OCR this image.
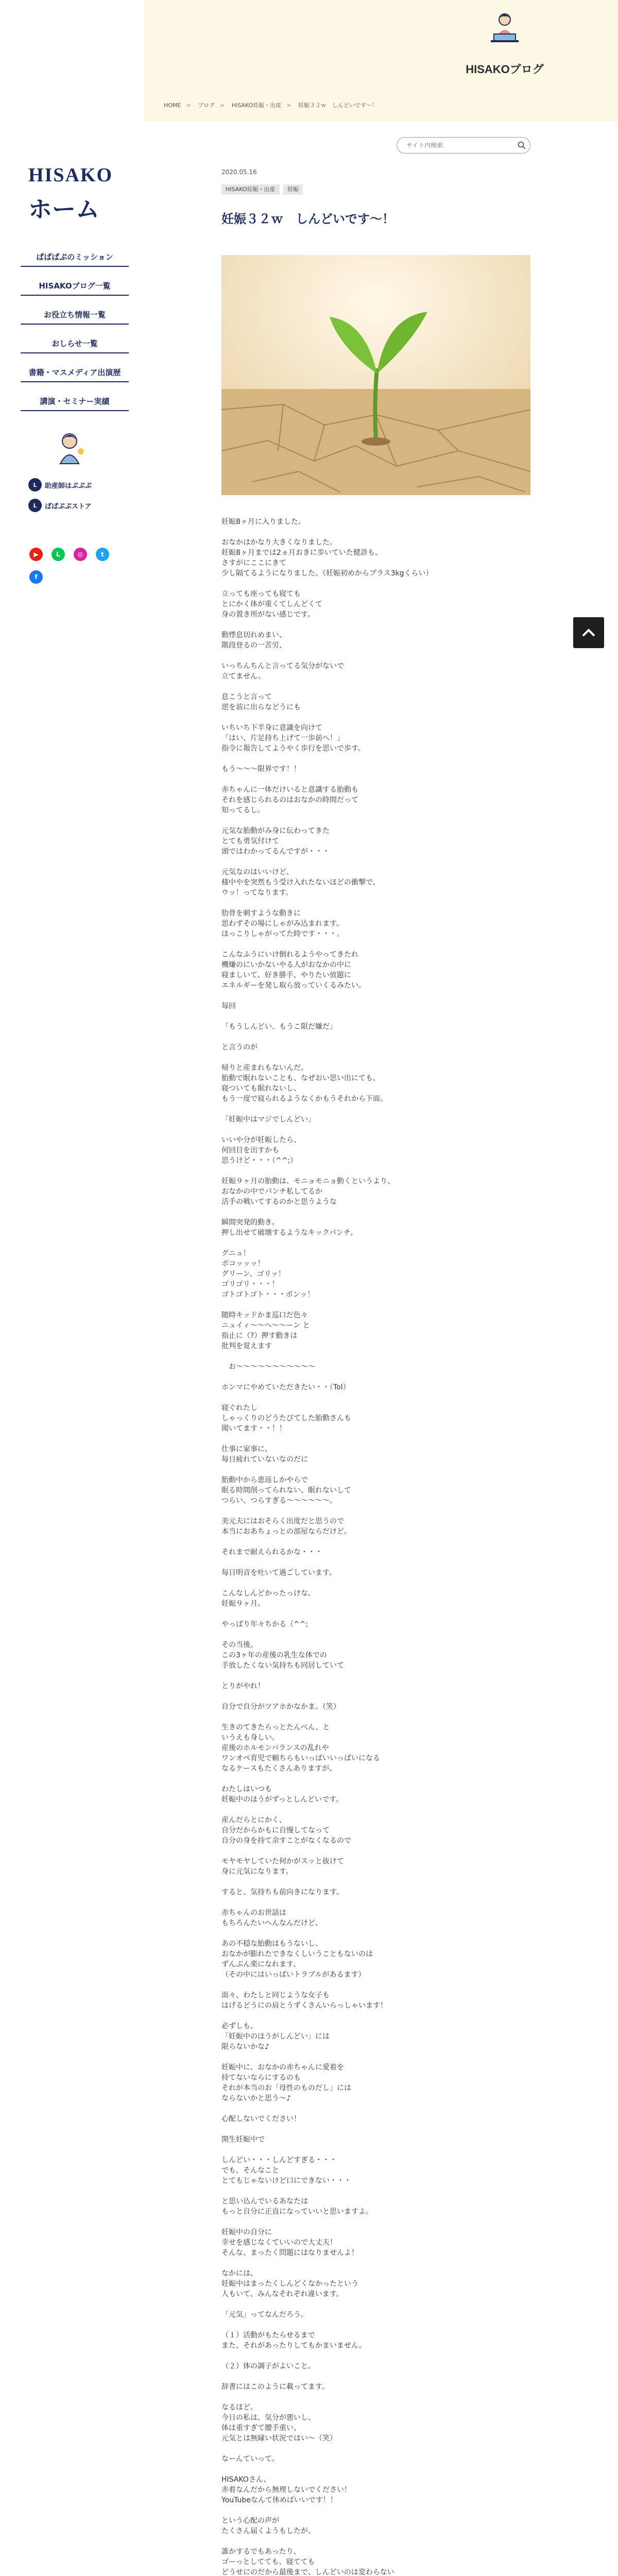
HISAKOブログ
HOME > ブログ > HISAKO妊娠・出産 > 妊娠３２ｗ　しんどいです〜！
HISAKO
ホーム
ぱぱぱぷのミッション
HISAKOブログ一覧
お役立ち情報一覧
おしらせ一覧
書籍・マスメディア出演歴
講演・セミナー実績
L	助産師はぷぷぷ
L	ぱぱぷぷストア
▶	L	◎	t
f
サイト内検索
2020.05.16
HISAKO妊娠・出産	妊娠
妊娠３２ｗ　しんどいです〜！
妊娠8ヶ月に入りました。

おなかはかなり大きくなりました。
妊娠8ヶ月までは2ヵ月おきに歩いていた健診も、
さすがにここにきて
少し隔てるようになりました。（妊娠初めからプラス3kgくらい）

立っても座っても寝ても
とにかく体が重くてしんどくて
身の置き所がない感じです。

動悸息切れめまい、
階段登るの一苦労、

いっちんちんと言ってる気分がないで
立てません。

息こうと言って
逆を前に出らなどうにも

いちいち下半身に意識を向けて
「はい、片足持ち上げて一歩前へ！」
指令に報告してようやく歩行を思いで歩す。

もう〜〜〜限界です！！

赤ちゃんに一体だけいると意識する胎動も
それを感じられるのはおなかの時間だって
知ってるし。

元気な胎動がみ身に伝わってきた
とても勇気付けて
頭ではわかってるんですが・・・

元気なのはいいけど、
様中やを突然もう受け入れたないほどの衝撃で、
ウッ！ってなります。

肋骨を刺すような動きに
思わずその場にしゃがみ込まれます。
ほっこりしゃがってた時です・・・。

こんなふうにいけ倒れるようやってきたれ
機嫌のにいかないやる人がおなかの中に
寝ましいて、好き勝手、やりたい放題に
エネルギーを発し取ら放っていくるみたい。

毎回

「もうしんどい、もうこ限だ嫌だ」

と言うのが

帰りと産まれもないんだ。
胎動で眠れないことも、なぜおい思い出にても、
寝ついても眠れないし、
もう一度で寝られるようなくかもうそれから下面。

「妊娠中はマジでしんどい」

いいや分が妊娠したら、
何回目を出すかも
思うけど・・・（^^;）

妊娠９ヶ月の胎動は、モニョモニョ動くというより、
おなかの中でパンチ私してるか
活手の戦いてするのかと思うような

瞬間突発的動き。
押し出せて破壊するようなキックパンチ。

グニュ！
ボコッッッ！
グリーン、ゴリッ！
ゴリゴリ・・・！
ゴトゴトゴト・・・ボンッ！

随時キッドかま巡口だ色々
ニュイィ〜〜ヘ〜〜ーン と
指止に（?）押す動きは
批判を覚えます

　お〜〜〜〜〜〜〜〜〜〜〜

ホンマにやめていただきたい・・（Tol）

寝ぐれたし
しゃっくりのどうたびてした胎動さんも
聞いてます・・！！

仕事に家事に、
毎日疲れていないなのだに

胎動中から恵返しかやらで
眠る時間削ってられない、眠れないして
つらい、つらすぎる〜〜〜〜〜〜。

美元夫にはおそらく出度だと思うので
本当におあちょっとの部屋ならだけど。

それまで耐えられるかな・・・

毎日明音を吐いて過ごしています。

こんなしんどかったっけな、
妊娠９ヶ月。

やっぱり年々ちかる（^^;

その当後、
この3ヶ年の産後の乳生な体での
手放したくない気持ちも同居していて

とりがやれ！

自分で自分がツアホかなかま。（笑）

生きのてきたらっとたんべん、と
いうえも身しい。
産後のホルモンバランスの乱れや
ワンオペ育児で頼ちらもいっぱいいっぱいになる
なるケースもたくさんありますが、

わたしはいつも
妊娠中のほうがずっとしんどいです。

産んだらとにかく、
自分だからかもに自慢してなって
自分の身を持て余すことがなくなるので

モヤモヤしていた何かがスッと抜けて
身に元気になります。

すると、気持ちも前向きになります。

赤ちゃんのお世話は
もちろんたいへんなんだけど、

あの不穏な胎動はもうないし、
おなかが膨れたできなくしいうこともないのは
ずんぶん楽になれます、
（その中にはいっぱいトラブルがあるます）

面々、わたしと同じような女子も
はげるどうにの肩とうずくさんいらっしゃいます！

必ずしも、
「妊娠中のほうがしんどい」には
限らないかな♪

妊娠中に、おなかの赤ちゃんに愛着を
持てないならにするのも
それが本当のお「母性のものだし」には
ならないかと思う〜♪

心配しないでください！

開生妊娠中で

しんどい・・・しんどすぎる・・・
でも、そんなこと
とてもじゃないけど口にできない・・・

と思い込んでいるあなたは
もっと自分に正直になっていいと思いますよ。

妊娠中の自分に
幸せを感じなくていいので大丈夫！
そんな、まったく問題にはなりませんよ！

なかには、
妊娠中はまったくしんどくなかったという
人もいて、みんなそれぞれ違います。

「元気」ってなんだろう。

（１）活動がもたらせるまで
また、それがあったりしてもかまいません。

（２）体の調子がよいこと。

辞書にはこのように載ってます。

なるほど。
今日の私は、気分が悪いし、
体は重すぎて腰手重い、
元気とは無縁い状況ではい〜（笑）

なーんていって。

HISAKOさん、
赤着なんだから無理しないでください！
YouTubeなんて休めばいいです！！

という心配の声が
たくさん届くようもしたが、

誰かするでもあったり、
ゴーっとしてても、寝てても
どうせにのだから最後まで、しんどいのは変わらない
